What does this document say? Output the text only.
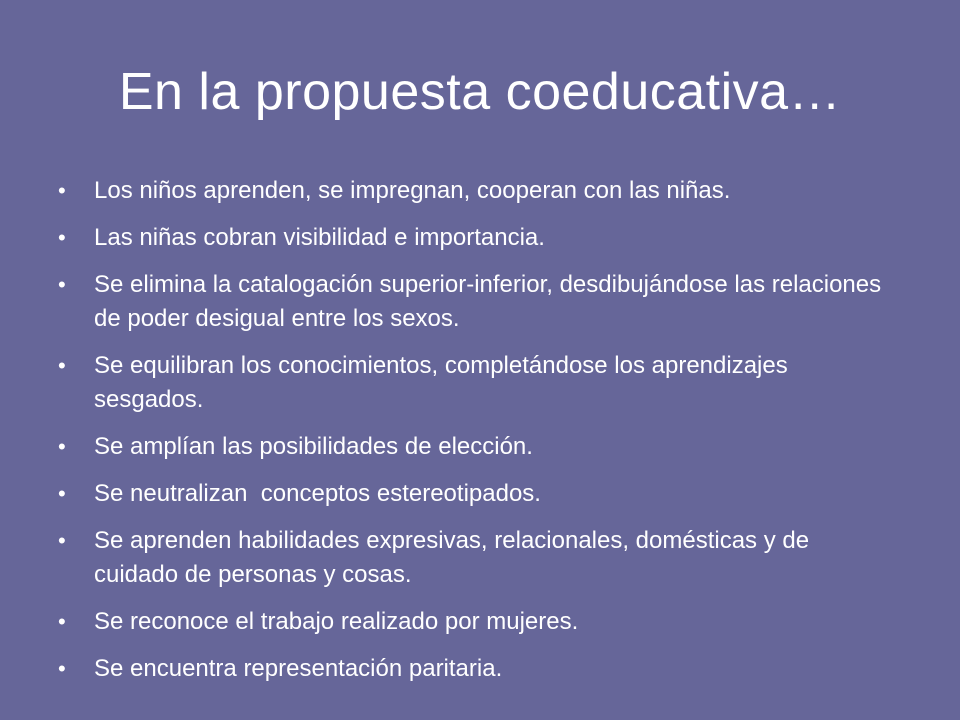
En la propuesta coeducativa…
• Los niños aprenden, se impregnan, cooperan con las niñas.
• Las niñas cobran visibilidad e importancia.
• Se elimina la catalogación superior-inferior, desdibujándose las relaciones de poder desigual entre los sexos.
• Se equilibran los conocimientos, completándose los aprendizajes sesgados.
• Se amplían las posibilidades de elección.
• Se neutralizan  conceptos estereotipados.
• Se aprenden habilidades expresivas, relacionales, domésticas y de cuidado de personas y cosas.
• Se reconoce el trabajo realizado por mujeres.
• Se encuentra representación paritaria.
